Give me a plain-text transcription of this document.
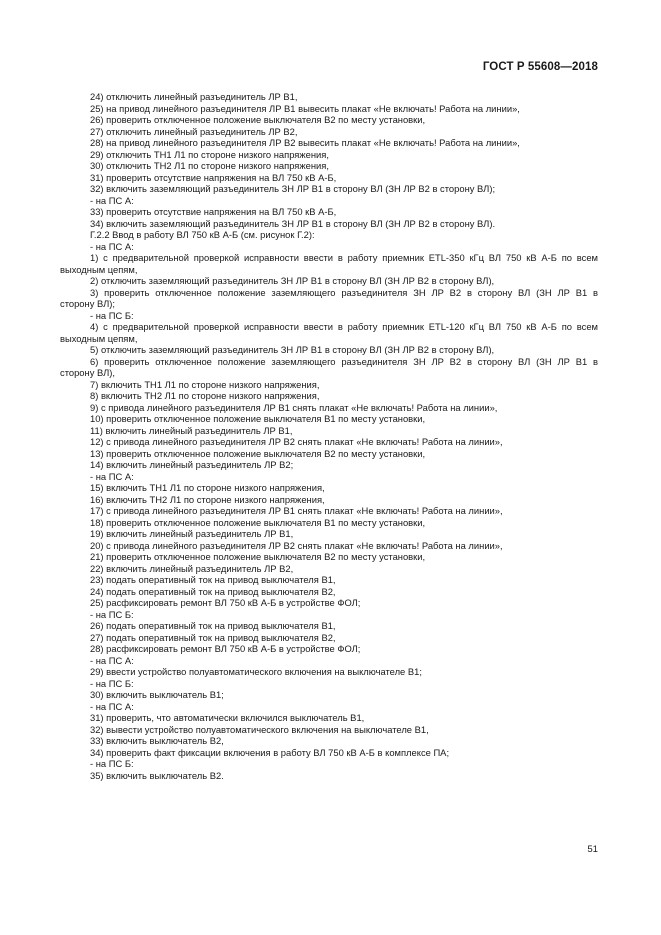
ГОСТ Р 55608—2018
24) отключить линейный разъединитель ЛР В1,
25) на привод линейного разъединителя ЛР В1 вывесить плакат «Не включать! Работа на линии»,
26) проверить отключенное положение выключателя В2 по месту установки,
27) отключить линейный разъединитель ЛР В2,
28) на привод линейного разъединителя ЛР В2 вывесить плакат «Не включать! Работа на линии»,
29) отключить ТН1 Л1 по стороне низкого напряжения,
30) отключить ТН2 Л1 по стороне низкого напряжения,
31) проверить отсутствие напряжения на ВЛ 750 кВ А-Б,
32) включить заземляющий разъединитель ЗН ЛР В1 в сторону ВЛ (ЗН ЛР В2 в сторону ВЛ);
- на ПС А:
33) проверить отсутствие напряжения на ВЛ 750 кВ А-Б,
34) включить заземляющий разъединитель ЗН ЛР В1 в сторону ВЛ (ЗН ЛР В2 в сторону ВЛ).
Г.2.2 Ввод в работу ВЛ 750 кВ А-Б (см. рисунок Г.2):
- на ПС А:
1) с предварительной проверкой исправности ввести в работу приемник ETL-350 кГц ВЛ 750 кВ А-Б по всем
выходным цепям,
2) отключить заземляющий разъединитель ЗН ЛР В1 в сторону ВЛ (ЗН ЛР В2 в сторону ВЛ),
3) проверить отключенное положение заземляющего разъединителя ЗН ЛР В2 в сторону ВЛ (ЗН ЛР В1 в
сторону ВЛ);
- на ПС Б:
4) с предварительной проверкой исправности ввести в работу приемник ETL-120 кГц ВЛ 750 кВ А-Б по всем
выходным цепям,
5) отключить заземляющий разъединитель ЗН ЛР В1 в сторону ВЛ (ЗН ЛР В2 в сторону ВЛ),
6) проверить отключенное положение заземляющего разъединителя ЗН ЛР В2 в сторону ВЛ (ЗН ЛР В1 в
сторону ВЛ),
7) включить ТН1 Л1 по стороне низкого напряжения,
8) включить ТН2 Л1 по стороне низкого напряжения,
9) с привода линейного разъединителя ЛР В1 снять плакат «Не включать! Работа на линии»,
10) проверить отключенное положение выключателя В1 по месту установки,
11) включить линейный разъединитель ЛР В1,
12) с привода линейного разъединителя ЛР В2 снять плакат «Не включать! Работа на линии»,
13) проверить отключенное положение выключателя В2 по месту установки,
14) включить линейный разъединитель ЛР В2;
- на ПС А:
15) включить ТН1 Л1 по стороне низкого напряжения,
16) включить ТН2 Л1 по стороне низкого напряжения,
17) с привода линейного разъединителя ЛР В1 снять плакат «Не включать! Работа на линии»,
18) проверить отключенное положение выключателя В1 по месту установки,
19) включить линейный разъединитель ЛР В1,
20) с привода линейного разъединителя ЛР В2 снять плакат «Не включать! Работа на линии»,
21) проверить отключенное положение выключателя В2 по месту установки,
22) включить линейный разъединитель ЛР В2,
23) подать оперативный ток на привод выключателя В1,
24) подать оперативный ток на привод выключателя В2,
25) расфиксировать ремонт ВЛ 750 кВ А-Б в устройстве ФОЛ;
- на ПС Б:
26) подать оперативный ток на привод выключателя В1,
27) подать оперативный ток на привод выключателя В2,
28) расфиксировать ремонт ВЛ 750 кВ А-Б в устройстве ФОЛ;
- на ПС А:
29) ввести устройство полуавтоматического включения на выключателе В1;
- на ПС Б:
30) включить выключатель В1;
- на ПС А:
31) проверить, что автоматически включился выключатель В1,
32) вывести устройство полуавтоматического включения на выключателе В1,
33) включить выключатель В2,
34) проверить факт фиксации включения в работу ВЛ 750 кВ А-Б в комплексе ПА;
- на ПС Б:
35) включить выключатель В2.
51
